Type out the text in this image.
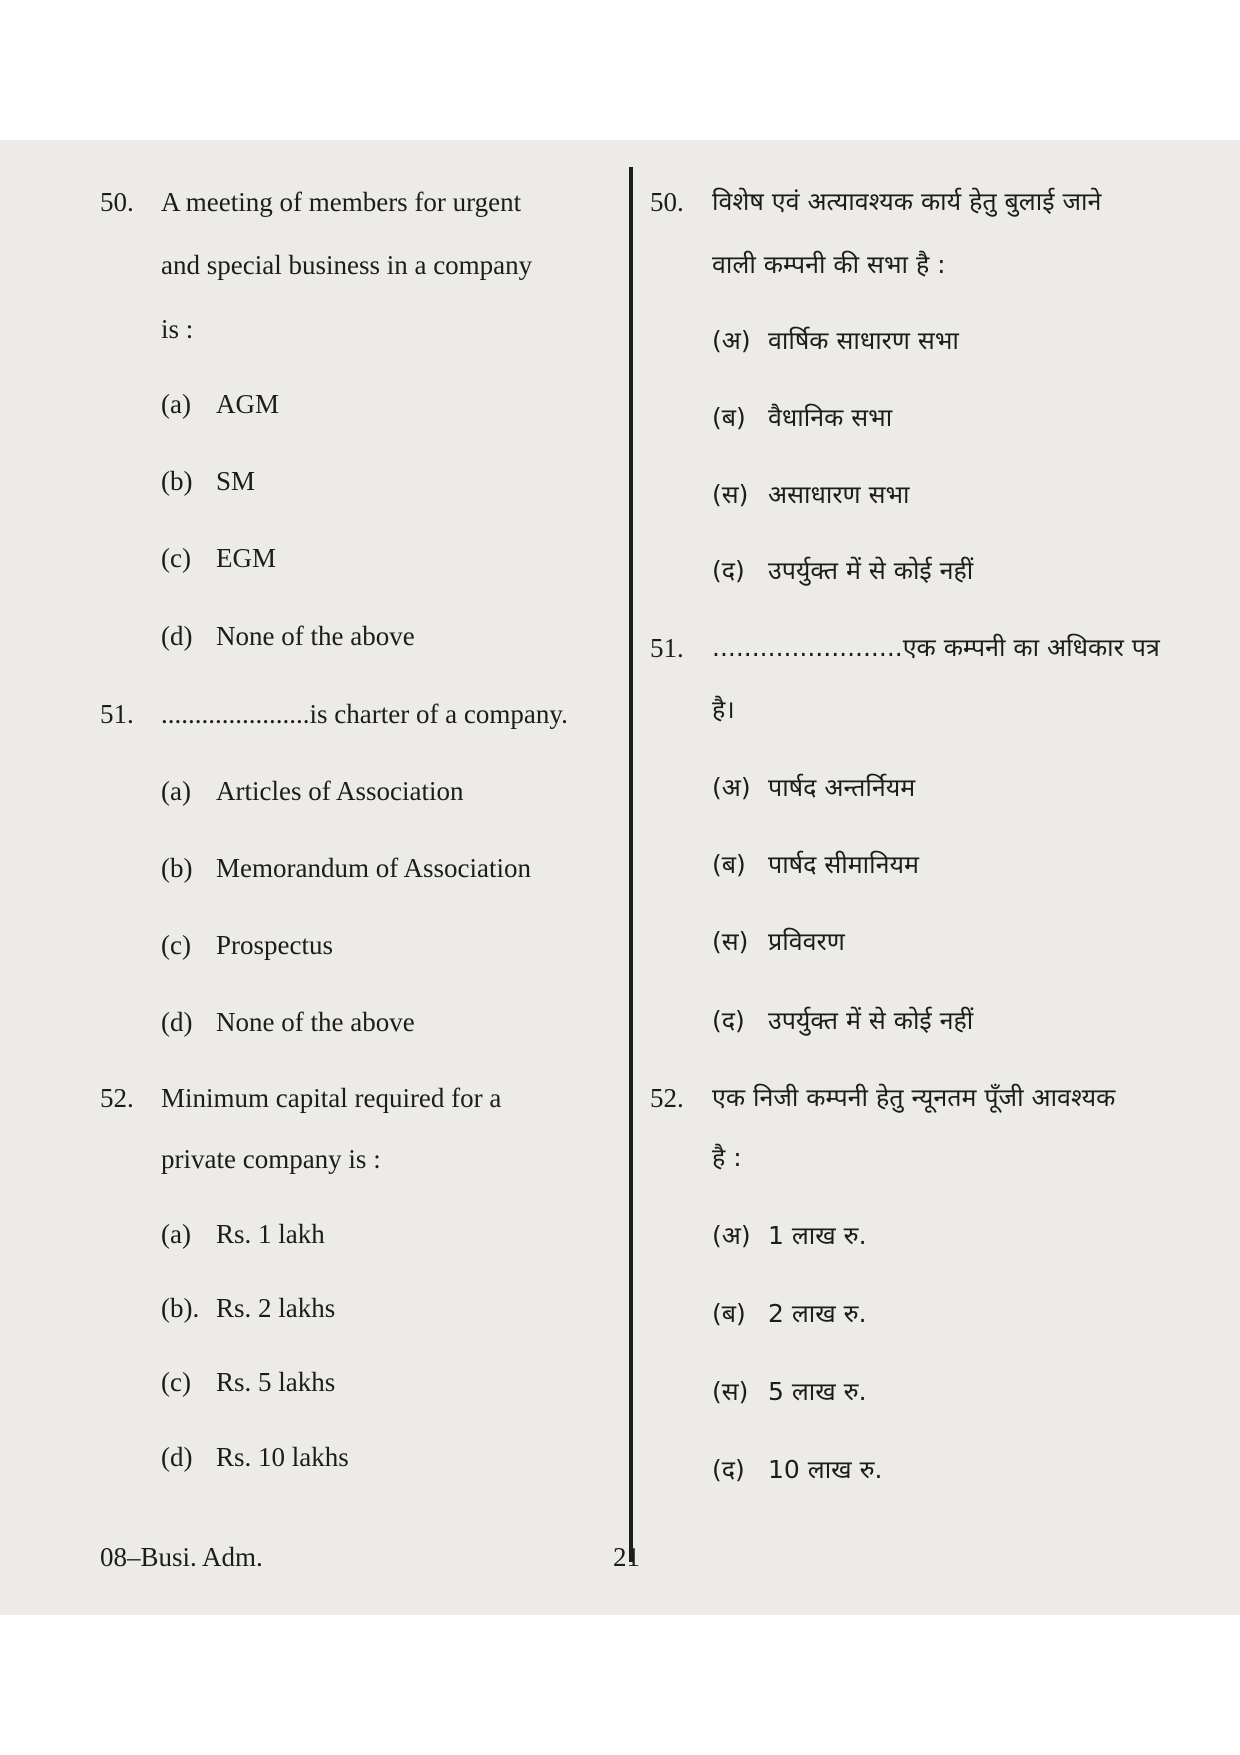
50. A meeting of members for urgent
and special business in a company
is :
(a) AGM
(b) SM
(c) EGM
(d) None of the above
51. ......................is charter of a company.
(a) Articles of Association
(b) Memorandum of Association
(c) Prospectus
(d) None of the above
52. Minimum capital required for a
private company is :
(a) Rs. 1 lakh
(b). Rs. 2 lakhs
(c) Rs. 5 lakhs
(d) Rs. 10 lakhs
50. विशेष एवं अत्यावश्यक कार्य हेतु बुलाई जाने
वाली कम्पनी की सभा है :
(अ) वार्षिक साधारण सभा
(ब) वैधानिक सभा
(स) असाधारण सभा
(द) उपर्युक्त में से कोई नहीं
51. ........................एक कम्पनी का अधिकार पत्र
है।
(अ) पार्षद अन्तर्नियम
(ब) पार्षद सीमानियम
(स) प्रविवरण
(द) उपर्युक्त में से कोई नहीं
52. एक निजी कम्पनी हेतु न्यूनतम पूँजी आवश्यक
है :
(अ) 1 लाख रु.
(ब) 2 लाख रु.
(स) 5 लाख रु.
(द) 10 लाख रु.
08–Busi. Adm.	21
